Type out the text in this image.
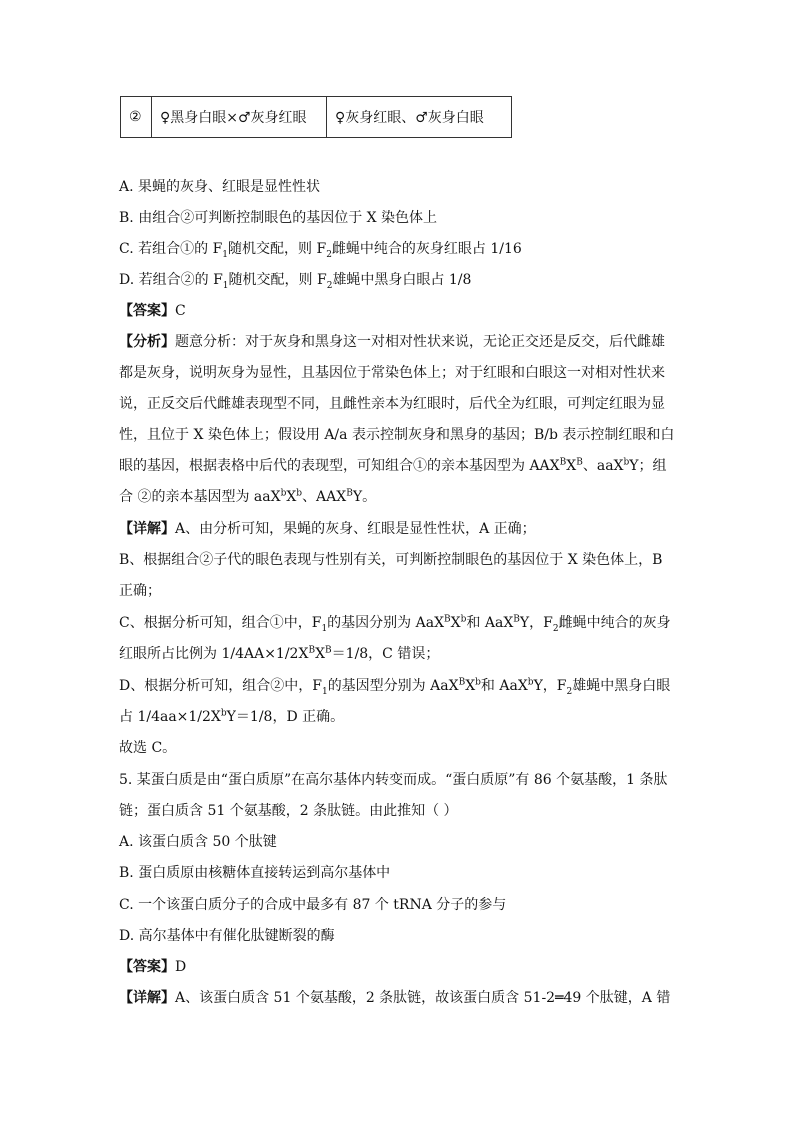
②	♀黑身白眼×♂灰身红眼	♀灰身红眼、♂灰身白眼
A. 果蝇的灰身、红眼是显性性状
B. 由组合②可判断控制眼色的基因位于 X 染色体上
C. 若组合①的 $F_1$随机交配，则 $F_2$雌蝇中纯合的灰身红眼占 1/16
D. 若组合②的 $F_1$随机交配，则 $F_2$雄蝇中黑身白眼占 1/8
【答案】C
【分析】题意分析：对于灰身和黑身这一对相对性状来说，无论正交还是反交，后代雌雄
都是灰身，说明灰身为显性，且基因位于常染色体上；对于红眼和白眼这一对相对性状来
说，正反交后代雌雄表现型不同，且雌性亲本为红眼时，后代全为红眼，可判定红眼为显
性，且位于 X 染色体上；假设用 A/a 表示控制灰身和黑身的基因；B/b 表示控制红眼和白
眼的基因，根据表格中后代的表现型，可知组合①的亲本基因型为 $AAX^BX^B$、aaX$^b$Y；组
合 ②的亲本基因型为 $aaX^bX^b$、$AAX^BY$。
【详解】A、由分析可知，果蝇的灰身、红眼是显性性状，A 正确；
B、根据组合②子代的眼色表现与性别有关，可判断控制眼色的基因位于 X 染色体上，B
正确；
C、根据分析可知，组合①中，$F_1$的基因分别为 $AaX^BX^b$和 AaX$^B$Y，$F_2$雌蝇中纯合的灰身
红眼所占比例为 $1/4AA\times 1/2X^BX^B=1/8$，C 错误；
D、根据分析可知，组合②中，$F_1$的基因型分别为 $AaX^BX^b$和 AaX$^b$Y，$F_2$雄蝇中黑身白眼
占 $1/4aa\times 1/2X^bY=1/8$，D 正确。
故选 C。
5. 某蛋白质是由“蛋白质原”在高尔基体内转变而成。“蛋白质原”有 86 个氨基酸，1 条肽
链；蛋白质含 51 个氨基酸，2 条肽链。由此推知（ ）
A. 该蛋白质含 50 个肽键
B. 蛋白质原由核糖体直接转运到高尔基体中
C. 一个该蛋白质分子的合成中最多有 87 个 tRNA 分子的参与
D. 高尔基体中有催化肽键断裂的酶
【答案】D
【详解】A、该蛋白质含 51 个氨基酸，2 条肽链，故该蛋白质含 51-2═49 个肽键，A 错
